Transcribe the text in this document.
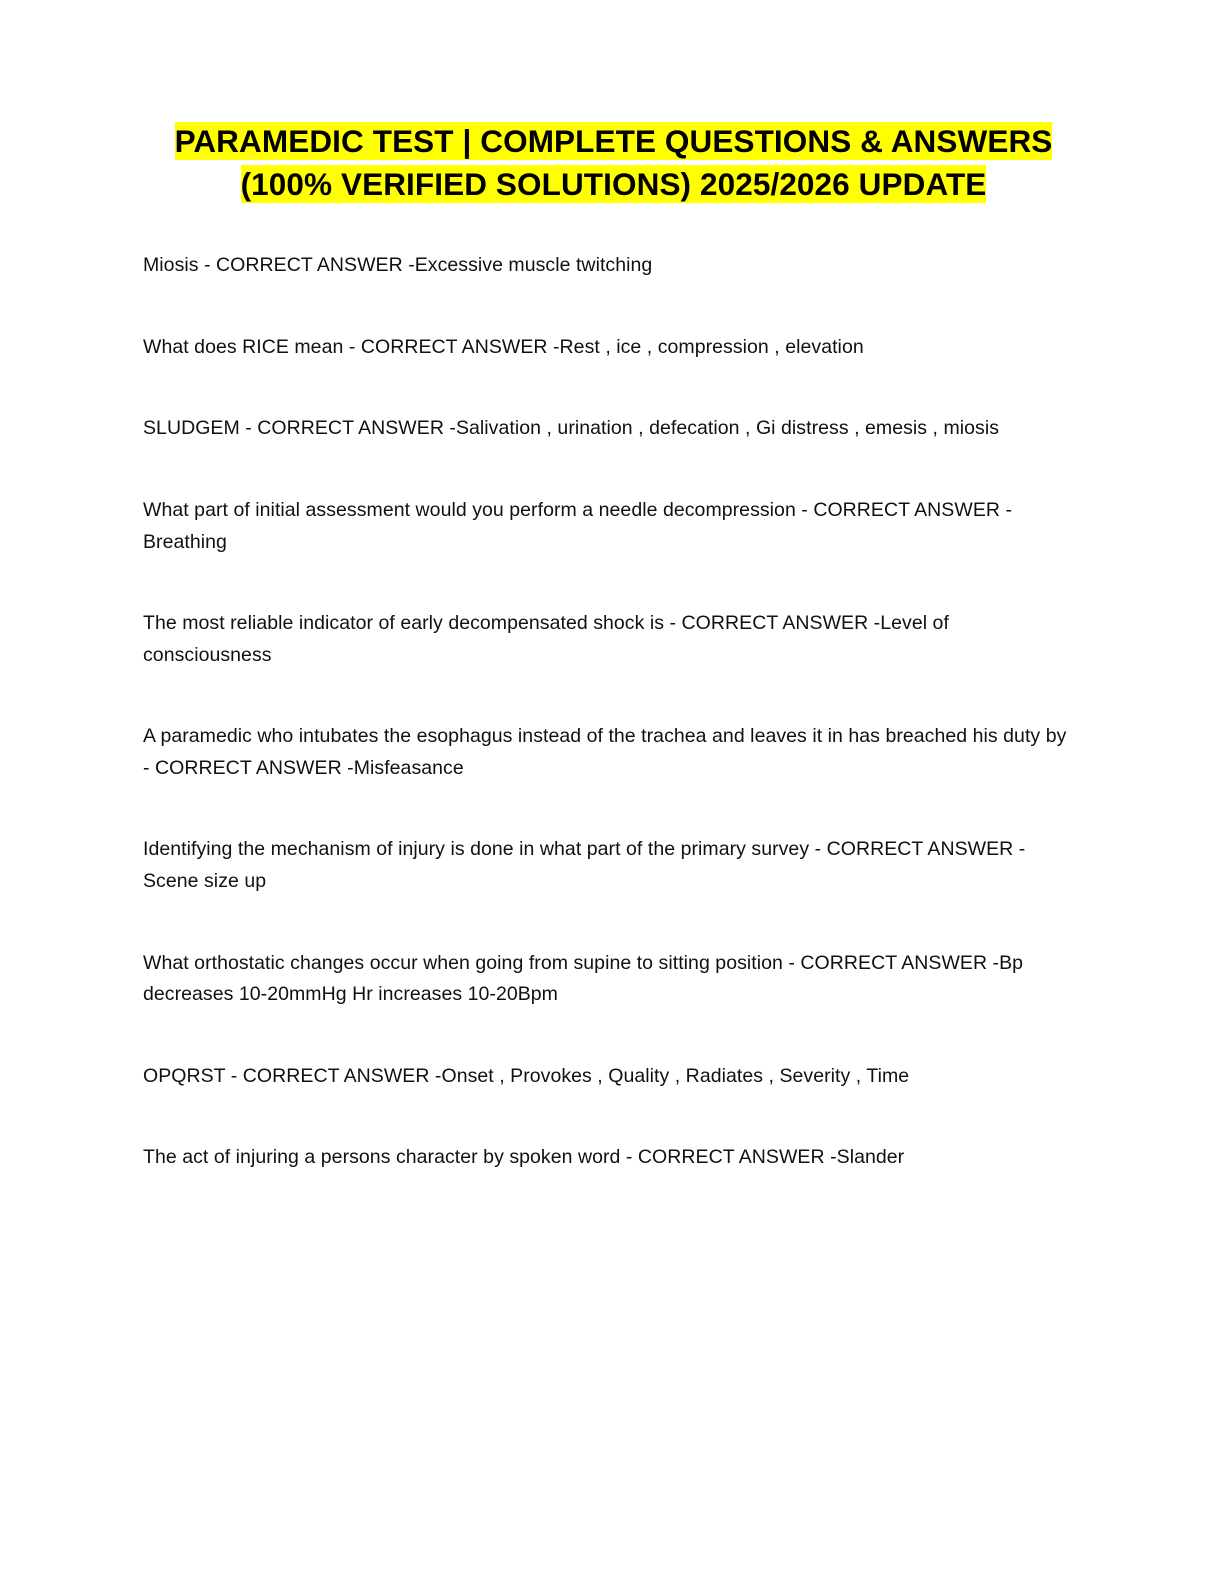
PARAMEDIC TEST | COMPLETE QUESTIONS & ANSWERS (100% VERIFIED SOLUTIONS) 2025/2026 UPDATE

Miosis - CORRECT ANSWER -Excessive muscle twitching

What does RICE mean - CORRECT ANSWER -Rest , ice , compression , elevation

SLUDGEM - CORRECT ANSWER -Salivation , urination , defecation , Gi distress , emesis , miosis

What part of initial assessment would you perform a needle decompression - CORRECT ANSWER -Breathing

The most reliable indicator of early decompensated shock is - CORRECT ANSWER -Level of consciousness

A paramedic who intubates the esophagus instead of the trachea and leaves it in has breached his duty by - CORRECT ANSWER -Misfeasance

Identifying the mechanism of injury is done in what part of the primary survey - CORRECT ANSWER -Scene size up

What orthostatic changes occur when going from supine to sitting position - CORRECT ANSWER -Bp decreases 10-20mmHg Hr increases 10-20Bpm

OPQRST - CORRECT ANSWER -Onset , Provokes , Quality , Radiates , Severity , Time

The act of injuring a persons character by spoken word - CORRECT ANSWER -Slander
